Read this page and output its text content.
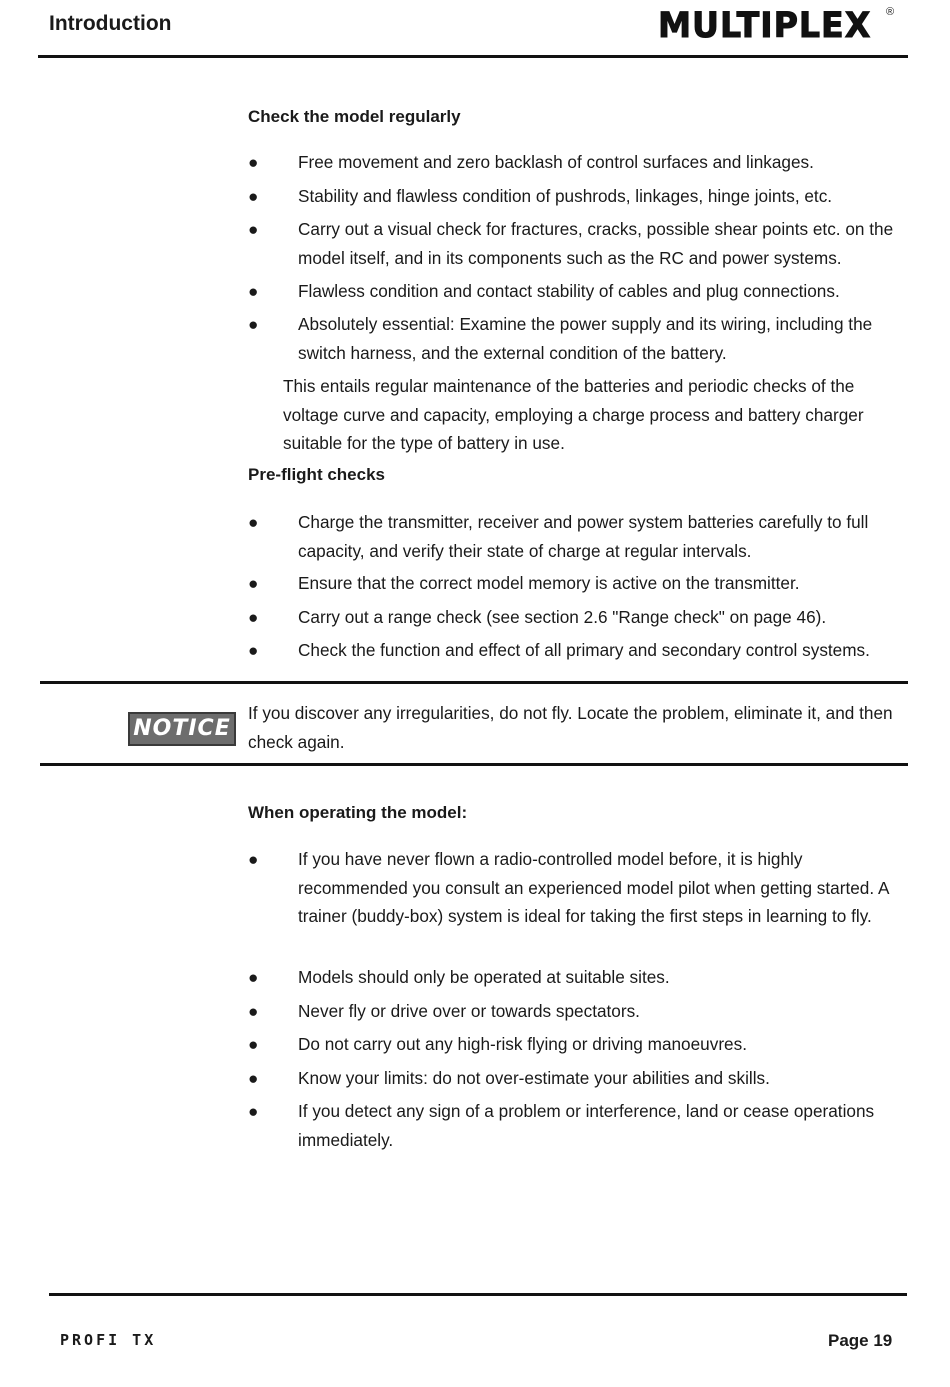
Introduction	MULTIPLEX ®
Check the model regularly
●	Free movement and zero backlash of control surfaces and linkages.
●	Stability and flawless condition of pushrods, linkages, hinge joints, etc.
●	Carry out a visual check for fractures, cracks, possible shear points etc. on the model itself, and in its components such as the RC and power systems.
●	Flawless condition and contact stability of cables and plug connections.
●	Absolutely essential: Examine the power supply and its wiring, including the switch harness, and the external condition of the battery.
This entails regular maintenance of the batteries and periodic checks of the voltage curve and capacity, employing a charge process and battery charger suitable for the type of battery in use.
Pre-flight checks
●	Charge the transmitter, receiver and power system batteries carefully to full capacity, and verify their state of charge at regular intervals.
●	Ensure that the correct model memory is active on the transmitter.
●	Carry out a range check (see section 2.6 "Range check" on page 46).
●	Check the function and effect of all primary and secondary control systems.
NOTICE
If you discover any irregularities, do not fly. Locate the problem, eliminate it, and then check again.
When operating the model:
●	If you have never flown a radio-controlled model before, it is highly recommended you consult an experienced model pilot when getting started. A trainer (buddy-box) system is ideal for taking the first steps in learning to fly.
●	Models should only be operated at suitable sites.
●	Never fly or drive over or towards spectators.
●	Do not carry out any high-risk flying or driving manoeuvres.
●	Know your limits: do not over-estimate your abilities and skills.
●	If you detect any sign of a problem or interference, land or cease operations immediately.
PROFI TX	Page 19
